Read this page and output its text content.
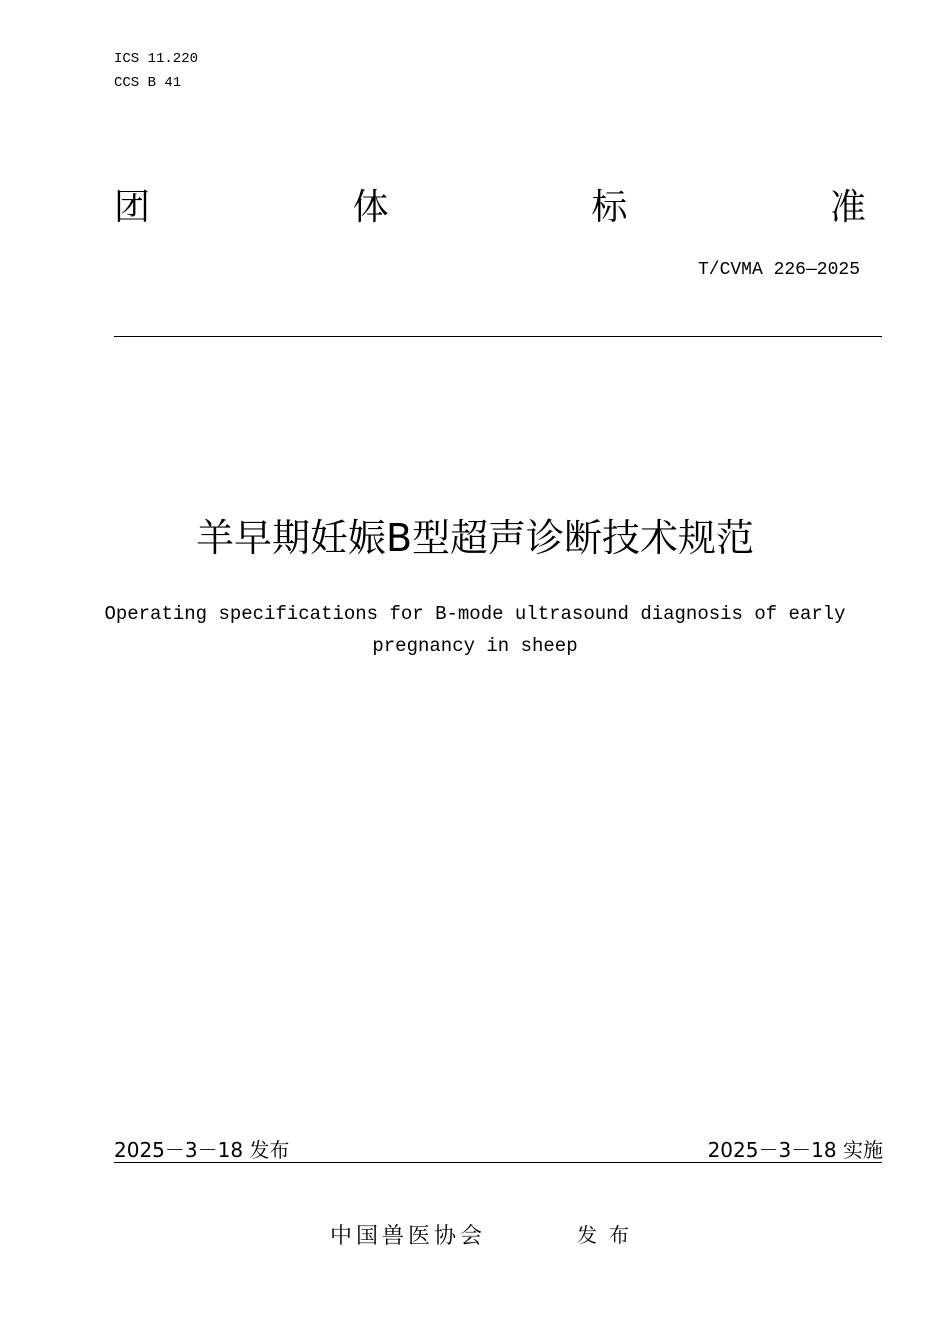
ICS 11.220
CCS B 41
团	体	标	准
T/CVMA 226—2025
羊早期妊娠B型超声诊断技术规范
Operating specifications for B-mode ultrasound diagnosis of early pregnancy in sheep
2025－3－18 发布	2025－3－18 实施
中国兽医协会	发布
